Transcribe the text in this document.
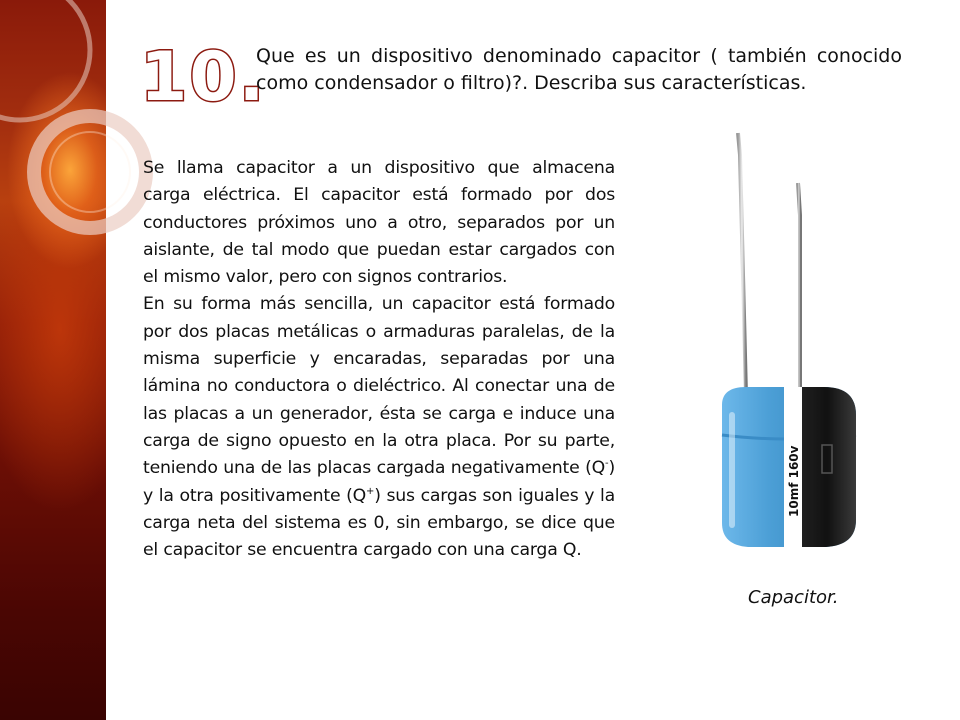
10.
Que es un dispositivo denominado capacitor ( también conocido como condensador o filtro)?. Describa sus características.

Se llama capacitor a un dispositivo que almacena carga eléctrica. El capacitor está formado por dos conductores próximos uno a otro, separados por un aislante, de tal modo que puedan estar cargados con el mismo valor, pero con signos contrarios.

En su forma más sencilla, un capacitor está formado por dos placas metálicas o armaduras paralelas, de la misma superficie y encaradas, separadas por una lámina no conductora o dieléctrico. Al conectar una de las placas a un generador, ésta se carga e induce una carga de signo opuesto en la otra placa. Por su parte, teniendo una de las placas cargada negativamente (Q-) y la otra positivamente (Q+) sus cargas son iguales y la carga neta del sistema es 0, sin embargo, se dice que el capacitor se encuentra cargado con una carga Q.

10mf 160v
Capacitor.
